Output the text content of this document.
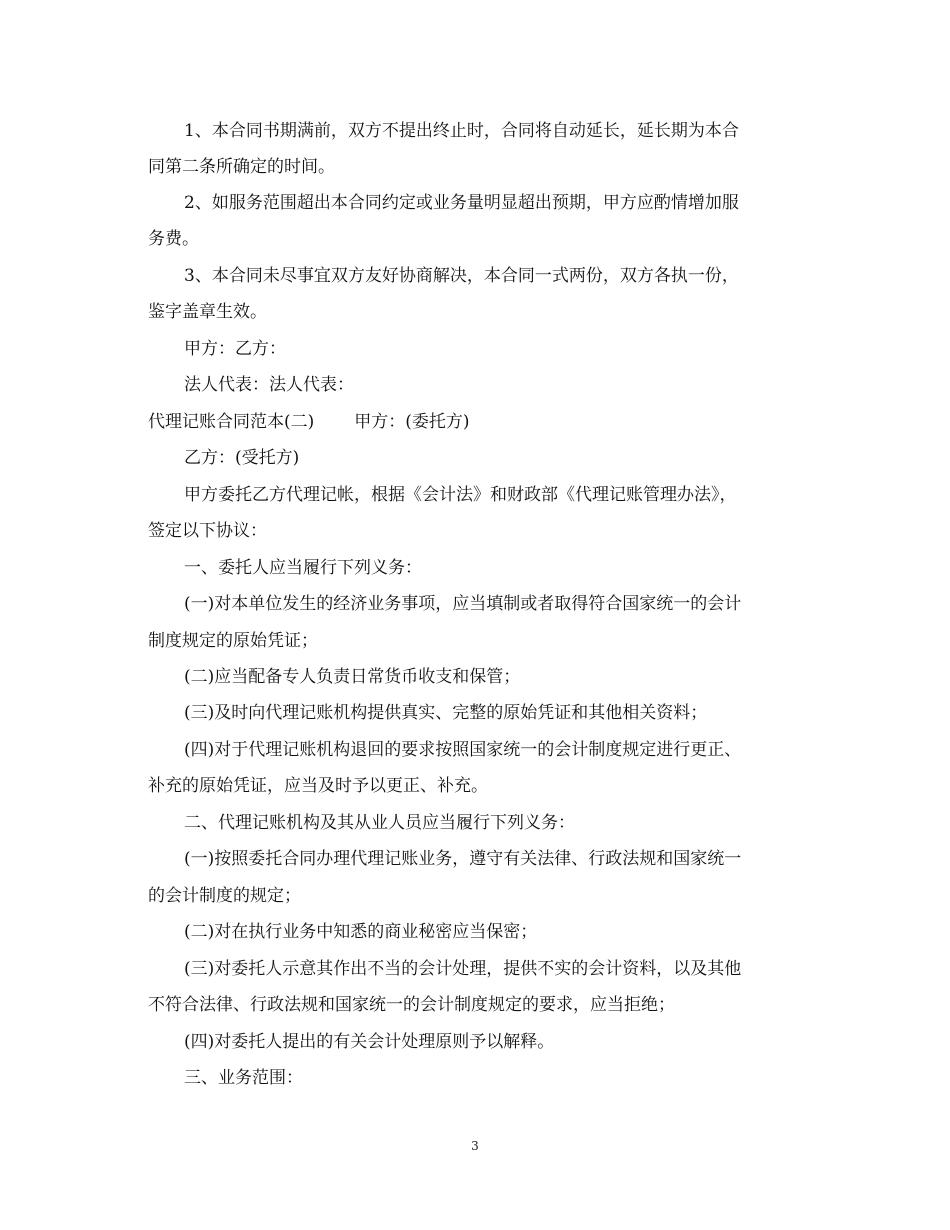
1、本合同书期满前，双方不提出终止时，合同将自动延长，延长期为本合
同第二条所确定的时间。
2、如服务范围超出本合同约定或业务量明显超出预期，甲方应酌情增加服
务费。
3、本合同未尽事宜双方友好协商解决，本合同一式两份，双方各执一份，
鉴字盖章生效。
甲方：乙方：
法人代表：法人代表：
代理记账合同范本(二) 甲方：(委托方)
乙方：(受托方)
甲方委托乙方代理记帐，根据《会计法》和财政部《代理记账管理办法》，
签定以下协议：
一、委托人应当履行下列义务：
(一)对本单位发生的经济业务事项，应当填制或者取得符合国家统一的会计
制度规定的原始凭证；
(二)应当配备专人负责日常货币收支和保管；
(三)及时向代理记账机构提供真实、完整的原始凭证和其他相关资料；
(四)对于代理记账机构退回的要求按照国家统一的会计制度规定进行更正、
补充的原始凭证，应当及时予以更正、补充。
二、代理记账机构及其从业人员应当履行下列义务：
(一)按照委托合同办理代理记账业务，遵守有关法律、行政法规和国家统一
的会计制度的规定；
(二)对在执行业务中知悉的商业秘密应当保密；
(三)对委托人示意其作出不当的会计处理，提供不实的会计资料，以及其他
不符合法律、行政法规和国家统一的会计制度规定的要求，应当拒绝；
(四)对委托人提出的有关会计处理原则予以解释。
三、业务范围：
3
